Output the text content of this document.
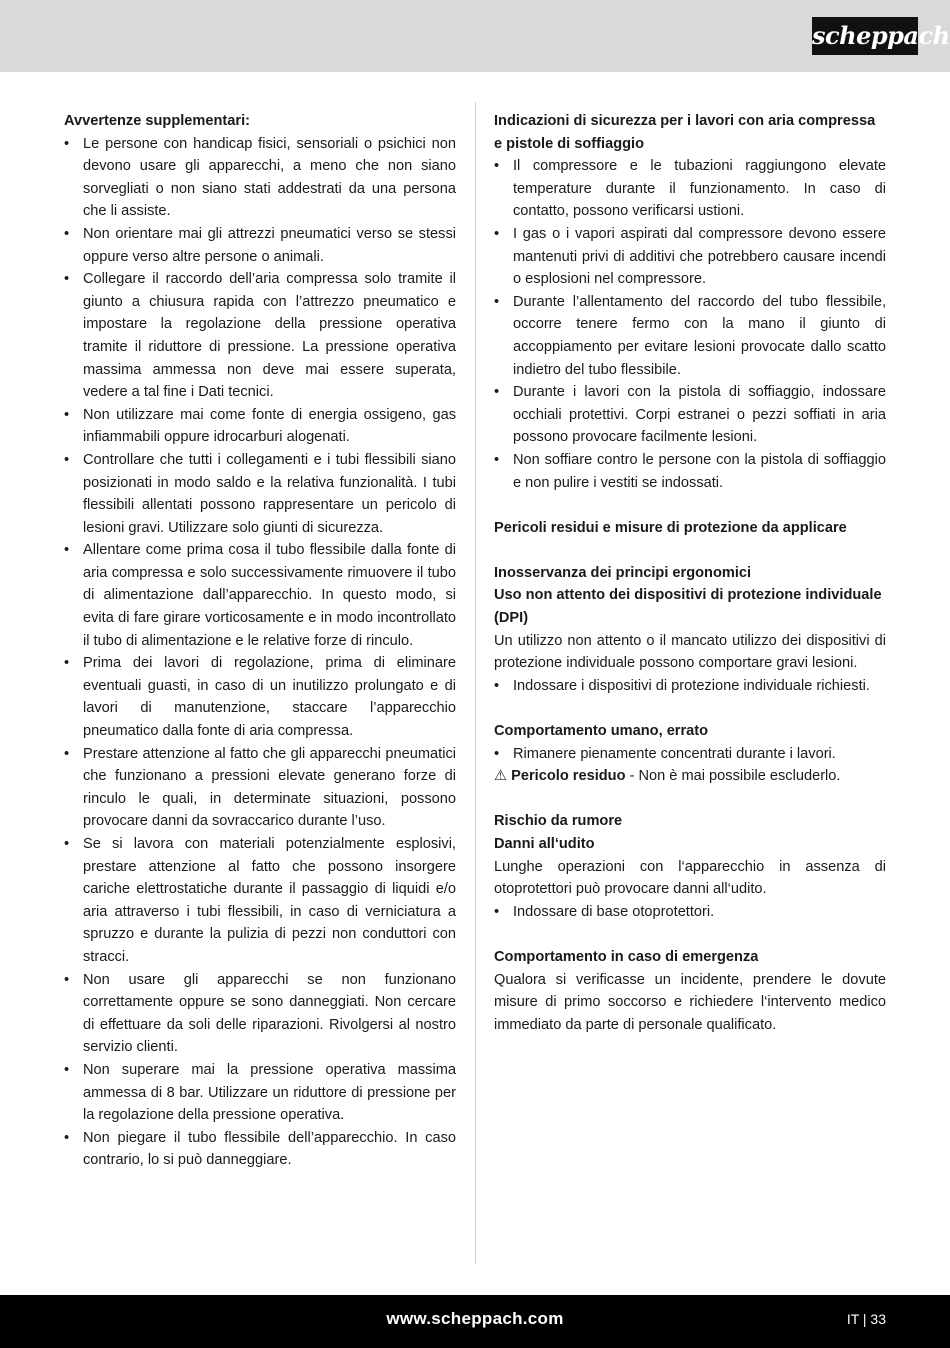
scheppach

Avvertenze supplementari:

• Le persone con handicap fisici, sensoriali o psichici non devono usare gli apparecchi, a meno che non siano sorvegliati o non siano stati addestrati da una persona che li assiste.
• Non orientare mai gli attrezzi pneumatici verso se stessi oppure verso altre persone o animali.
• Collegare il raccordo dell’aria compressa solo tramite il giunto a chiusura rapida con l’attrezzo pneumatico e impostare la regolazione della pressione operativa tramite il riduttore di pressione. La pressione operativa massima ammessa non deve mai essere superata, vedere a tal fine i Dati tecnici.
• Non utilizzare mai come fonte di energia ossigeno, gas infiammabili oppure idrocarburi alogenati.
• Controllare che tutti i collegamenti e i tubi flessibili siano posizionati in modo saldo e la relativa funzionalità. I tubi flessibili allentati possono rappresentare un pericolo di lesioni gravi. Utilizzare solo giunti di sicurezza.
• Allentare come prima cosa il tubo flessibile dalla fonte di aria compressa e solo successivamente rimuovere il tubo di alimentazione dall’apparecchio. In questo modo, si evita di fare girare vorticosamente e in modo incontrollato il tubo di alimentazione e le relative forze di rinculo.
• Prima dei lavori di regolazione, prima di eliminare eventuali guasti, in caso di un inutilizzo prolungato e di lavori di manutenzione, staccare l’apparecchio pneumatico dalla fonte di aria compressa.
• Prestare attenzione al fatto che gli apparecchi pneumatici che funzionano a pressioni elevate generano forze di rinculo le quali, in determinate situazioni, possono provocare danni da sovraccarico durante l’uso.
• Se si lavora con materiali potenzialmente esplosivi, prestare attenzione al fatto che possono insorgere cariche elettrostatiche durante il passaggio di liquidi e/o aria attraverso i tubi flessibili, in caso di verniciatura a spruzzo e durante la pulizia di pezzi non conduttori con stracci.
• Non usare gli apparecchi se non funzionano correttamente oppure se sono danneggiati. Non cercare di effettuare da soli delle riparazioni. Rivolgersi al nostro servizio clienti.
• Non superare mai la pressione operativa massima ammessa di 8 bar. Utilizzare un riduttore di pressione per la regolazione della pressione operativa.
• Non piegare il tubo flessibile dell’apparecchio. In caso contrario, lo si può danneggiare.

Indicazioni di sicurezza per i lavori con aria compressa e pistole di soffiaggio

• Il compressore e le tubazioni raggiungono elevate temperature durante il funzionamento. In caso di contatto, possono verificarsi ustioni.
• I gas o i vapori aspirati dal compressore devono essere mantenuti privi di additivi che potrebbero causare incendi o esplosioni nel compressore.
• Durante l’allentamento del raccordo del tubo flessibile, occorre tenere fermo con la mano il giunto di accoppiamento per evitare lesioni provocate dallo scatto indietro del tubo flessibile.
• Durante i lavori con la pistola di soffiaggio, indossare occhiali protettivi. Corpi estranei o pezzi soffiati in aria possono provocare facilmente lesioni.
• Non soffiare contro le persone con la pistola di soffiaggio e non pulire i vestiti se indossati.

Pericoli residui e misure di protezione da applicare

Inosservanza dei principi ergonomici

Uso non attento dei dispositivi di protezione individuale (DPI)

Un utilizzo non attento o il mancato utilizzo dei dispositivi di protezione individuale possono comportare gravi lesioni.

• Indossare i dispositivi di protezione individuale richiesti.

Comportamento umano, errato

• Rimanere pienamente concentrati durante i lavori.

⚠ Pericolo residuo - Non è mai possibile escluderlo.

Rischio da rumore

Danni all‘udito

Lunghe operazioni con l‘apparecchio in assenza di otoprotettori può provocare danni all‘udito.

• Indossare di base otoprotettori.

Comportamento in caso di emergenza

Qualora si verificasse un incidente, prendere le dovute misure di primo soccorso e richiedere l‘intervento medico immediato da parte di personale qualificato.

www.scheppach.com	IT | 33
